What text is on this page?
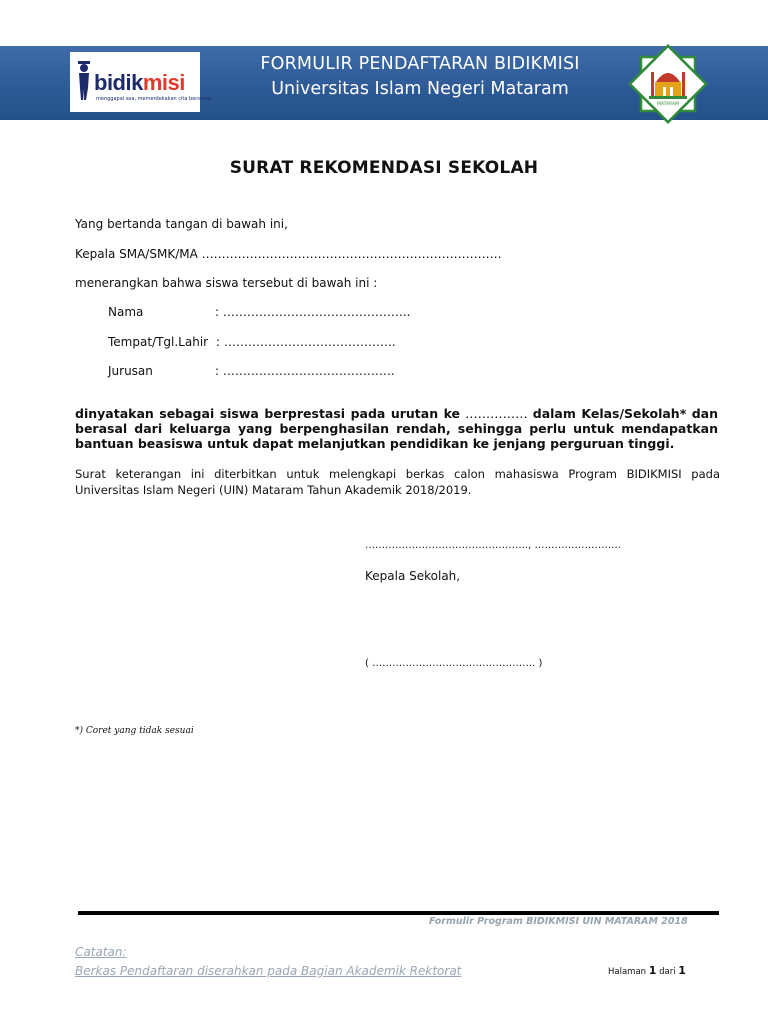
bidikmisi
menggapai asa, memerdekakan cita bersama
FORMULIR PENDAFTARAN BIDIKMISI
Universitas Islam Negeri Mataram
MATARAM
SURAT REKOMENDASI SEKOLAH
Yang bertanda tangan di bawah ini,
Kepala SMA/SMK/MA …………………………………………………………………
menerangkan bahwa siswa tersebut di bawah ini :
Nama	: ………………………………………..
Tempat/Tgl.Lahir : …………………………………….
Jurusan	: …………………………………….
dinyatakan sebagai siswa berprestasi pada urutan ke …………… dalam Kelas/Sekolah* dan berasal dari keluarga yang berpenghasilan rendah, sehingga perlu untuk mendapatkan bantuan beasiswa untuk dapat melanjutkan pendidikan ke jenjang perguruan tinggi.
Surat keterangan ini diterbitkan untuk melengkapi berkas calon mahasiswa Program BIDIKMISI pada Universitas Islam Negeri (UIN) Mataram Tahun Akademik 2018/2019.
…………………………………………., ……………………..
Kepala Sekolah,
( …………………………………………. )
*) Coret yang tidak sesuai
Formulir Program BIDIKMISI UIN MATARAM 2018
Catatan:
Berkas Pendaftaran diserahkan pada Bagian Akademik Rektorat	Halaman 1 dari 1
